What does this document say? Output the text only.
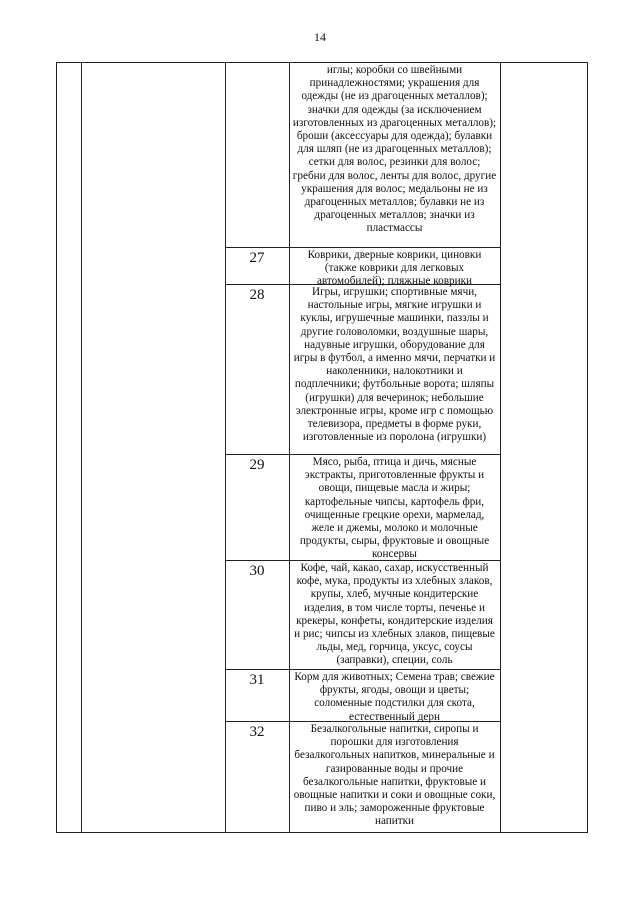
14
иглы; коробки со швейными
принадлежностями; украшения для
одежды (не из драгоценных металлов);
значки для одежды (за исключением
изготовленных из драгоценных металлов);
броши (аксессуары для одежда); булавки
для шляп (не из драгоценных металлов);
сетки для волос, резинки для волос;
гребни для волос, ленты для волос, другие
украшения для волос; медальоны не из
драгоценных металлов; булавки не из
драгоценных металлов; значки из
пластмассы
27	Коврики, дверные коврики, циновки
(также коврики для легковых
автомобилей); пляжные коврики
28	Игры, игрушки; спортивные мячи,
настольные игры, мягкие игрушки и
куклы, игрушечные машинки, паззлы и
другие головоломки, воздушные шары,
надувные игрушки, оборудование для
игры в футбол, а именно мячи, перчатки и
наколенники, налокотники и
подплечники; футбольные ворота; шляпы
(игрушки) для вечеринок; небольшие
электронные игры, кроме игр с помощью
телевизора, предметы в форме руки,
изготовленные из поролона (игрушки)
29	Мясо, рыба, птица и дичь, мясные
экстракты, приготовленные фрукты и
овощи, пищевые масла и жиры;
картофельные чипсы, картофель фри,
очищенные грецкие орехи, мармелад,
желе и джемы, молоко и молочные
продукты, сыры, фруктовые и овощные
консервы
30	Кофе, чай, какао, сахар, искусственный
кофе, мука, продукты из хлебных злаков,
крупы, хлеб, мучные кондитерские
изделия, в том числе торты, печенье и
крекеры, конфеты, кондитерские изделия
и рис; чипсы из хлебных злаков, пищевые
льды, мед, горчица, уксус, соусы
(заправки), специи, соль
31	Корм для животных; Семена трав; свежие
фрукты, ягоды, овощи и цветы;
соломенные подстилки для скота,
естественный дерн
32	Безалкогольные напитки, сиропы и
порошки для изготовления
безалкогольных напитков, минеральные и
газированные воды и прочие
безалкогольные напитки, фруктовые и
овощные напитки и соки и овощные соки,
пиво и эль; замороженные фруктовые
напитки
